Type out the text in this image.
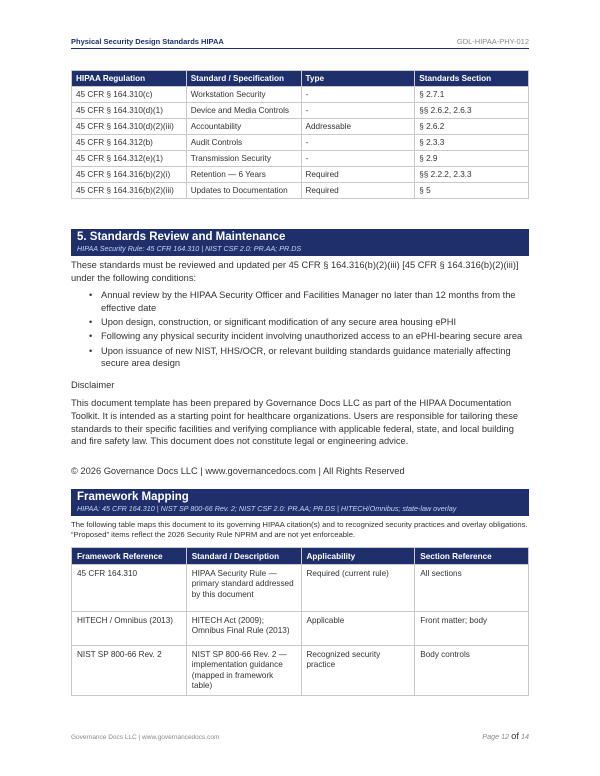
Physical Security Design Standards HIPAA	GDL-HIPAA-PHY-012
HIPAA Regulation	Standard / Specification	Type	Standards Section
45 CFR § 164.310(c)	Workstation Security	-	§ 2.7.1
45 CFR § 164.310(d)(1)	Device and Media Controls	-	§§ 2.6.2, 2.6.3
45 CFR § 164.310(d)(2)(iii)	Accountability	Addressable	§ 2.6.2
45 CFR § 164.312(b)	Audit Controls	-	§ 2.3.3
45 CFR § 164.312(e)(1)	Transmission Security	-	§ 2.9
45 CFR § 164.316(b)(2)(i)	Retention — 6 Years	Required	§§ 2.2.2, 2.3.3
45 CFR § 164.316(b)(2)(iii)	Updates to Documentation	Required	§ 5
5. Standards Review and Maintenance
HIPAA Security Rule: 45 CFR 164.310 | NIST CSF 2.0: PR.AA; PR.DS
These standards must be reviewed and updated per 45 CFR § 164.316(b)(2)(iii) [45 CFR § 164.316(b)(2)(iii)] under the following conditions:
• Annual review by the HIPAA Security Officer and Facilities Manager no later than 12 months from the effective date
• Upon design, construction, or significant modification of any secure area housing ePHI
• Following any physical security incident involving unauthorized access to an ePHI-bearing secure area
• Upon issuance of new NIST, HHS/OCR, or relevant building standards guidance materially affecting secure area design
Disclaimer
This document template has been prepared by Governance Docs LLC as part of the HIPAA Documentation Toolkit. It is intended as a starting point for healthcare organizations. Users are responsible for tailoring these standards to their specific facilities and verifying compliance with applicable federal, state, and local building and fire safety law. This document does not constitute legal or engineering advice.
© 2026 Governance Docs LLC | www.governancedocs.com | All Rights Reserved
Framework Mapping
HIPAA: 45 CFR 164.310 | NIST SP 800-66 Rev. 2; NIST CSF 2.0: PR.AA; PR.DS | HITECH/Omnibus; state-law overlay
The following table maps this document to its governing HIPAA citation(s) and to recognized security practices and overlay obligations. “Proposed” items reflect the 2026 Security Rule NPRM and are not yet enforceable.
Framework Reference	Standard / Description	Applicability	Section Reference
45 CFR 164.310	HIPAA Security Rule — primary standard addressed by this document	Required (current rule)	All sections
HITECH / Omnibus (2013)	HITECH Act (2009); Omnibus Final Rule (2013)	Applicable	Front matter; body
NIST SP 800-66 Rev. 2	NIST SP 800-66 Rev. 2 — implementation guidance (mapped in framework table)	Recognized security practice	Body controls
Governance Docs LLC | www.governancedocs.com	Page 12 of 14
